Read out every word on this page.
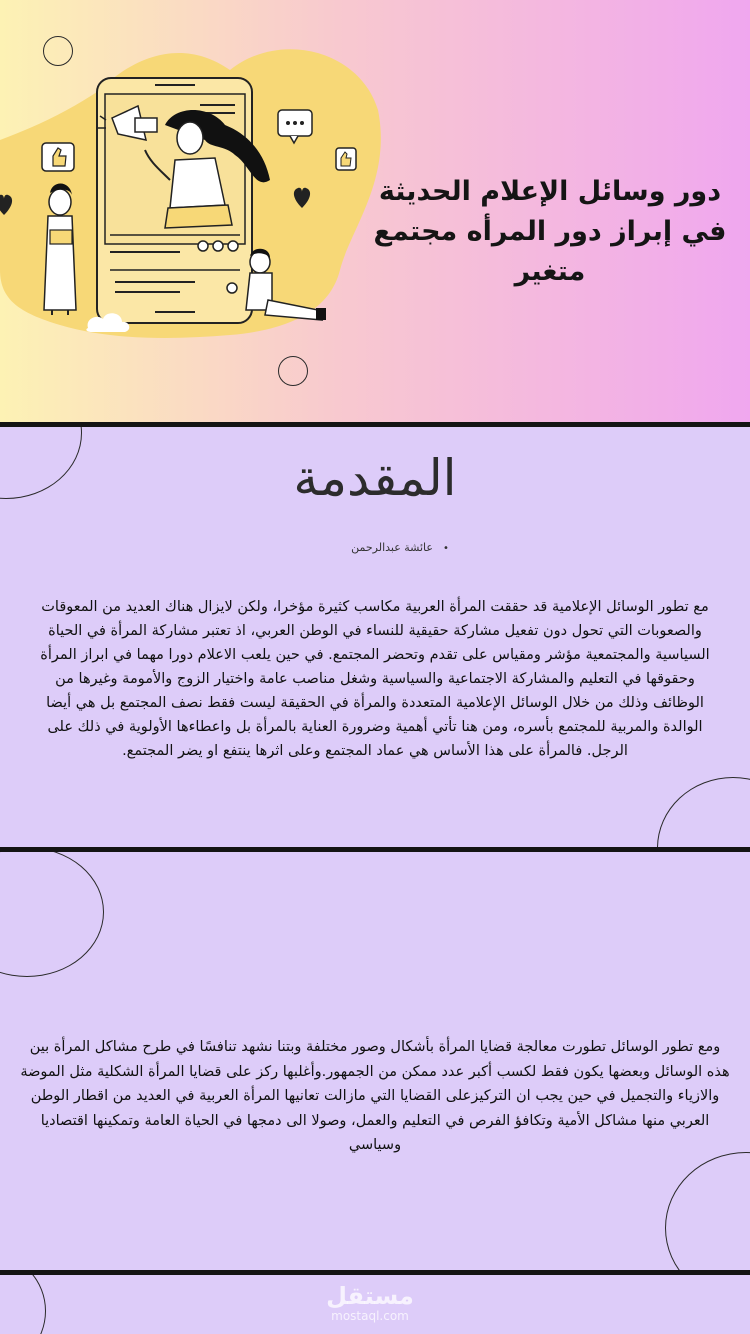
دور وسائل الإعلام الحديثة في إبراز دور المرأه مجتمع متغير
المقدمة
•عائشة عبدالرحمن
مع تطور الوسائل الإعلامية قد حققت المرأة العربية مكاسب كثيرة مؤخرا، ولكن لايزال هناك العديد من المعوقات والصعوبات التي تحول دون تفعيل مشاركة حقيقية للنساء في الوطن العربي، اذ تعتبر مشاركة المرأة في الحياة السياسية والمجتمعية مؤشر ومقياس على تقدم وتحضر المجتمع. في حين يلعب الاعلام دورا مهما في ابراز المرأة وحقوقها في التعليم والمشاركة الاجتماعية والسياسية وشغل مناصب عامة واختيار الزوج والأمومة وغيرها من الوظائف وذلك من خلال الوسائل الإعلامية المتعددة والمرأة في الحقيقة ليست فقط نصف المجتمع بل هي أيضا الوالدة والمربية للمجتمع بأسره، ومن هنا تأتي أهمية وضرورة العناية بالمرأة بل واعطاءها الأولوية في ذلك على الرجل. فالمرأة على هذا الأساس هي عماد المجتمع وعلى اثرها ينتفع او يضر المجتمع.
ومع تطور الوسائل تطورت معالجة قضايا المرأة بأشكال وصور مختلفة وبتنا نشهد تنافسًا في طرح مشاكل المرأة بين هذه الوسائل وبعضها يكون فقط لكسب أكبر عدد ممكن من الجمهور.وأغلبها ركز على قضايا المرأة الشكلية مثل الموضة والازياء والتجميل في حين يجب ان التركيزعلى القضايا التي مازالت تعانيها المرأة العربية في العديد من اقطار الوطن العربي منها مشاكل الأمية وتكافؤ الفرص في التعليم والعمل، وصولا الى دمجها في الحياة العامة وتمكينها اقتصاديا وسياسي
مستقل
mostaql.com
